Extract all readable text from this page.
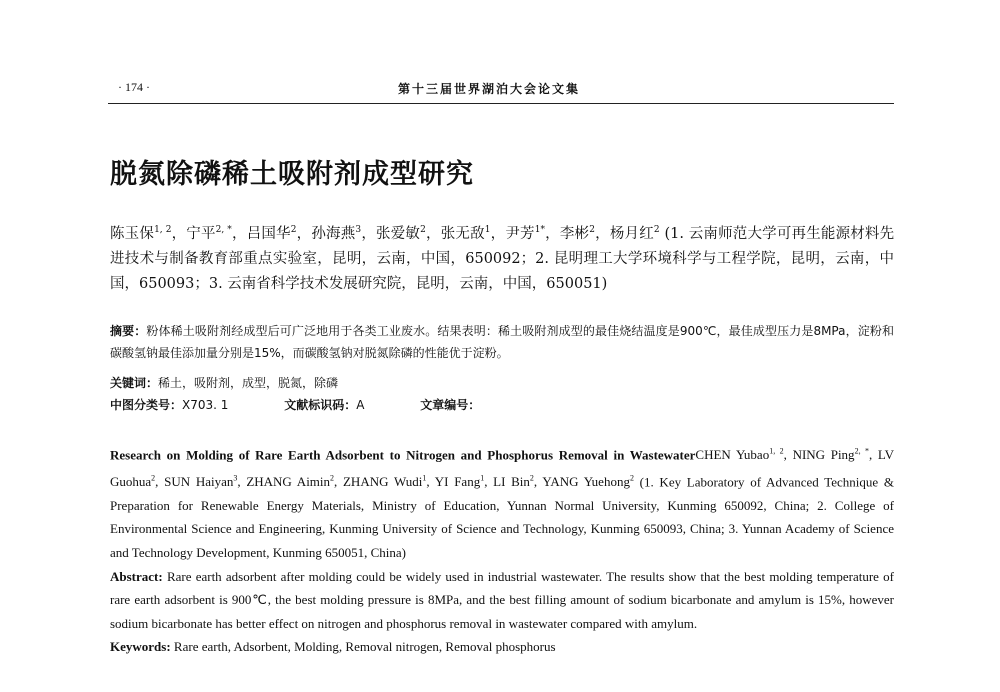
· 174 ·	第十三届世界湖泊大会论文集
脱氮除磷稀土吸附剂成型研究
陈玉保$^{1, 2}$，宁平$^{2, *}$，吕国华$^2$，孙海燕$^3$，张爱敏$^2$，张无敌$^1$，尹芳$^{1*}$，李彬$^2$，杨月红$^2$ (1. 云南师范大学可再生能源材料先进技术与制备教育部重点实验室，昆明，云南，中国，650092；2. 昆明理工大学环境科学与工程学院，昆明，云南，中国，650093；3. 云南省科学技术发展研究院，昆明，云南，中国，650051)
摘要：粉体稀土吸附剂经成型后可广泛地用于各类工业废水。结果表明：稀土吸附剂成型的最佳烧结温度是900℃，最佳成型压力是8MPa，淀粉和碳酸氢钠最佳添加量分别是15%，而碳酸氢钠对脱氮除磷的性能优于淀粉。
关键词：稀土，吸附剂，成型，脱氮，除磷
中图分类号：X703. 1	文献标识码：A	文章编号：
Research on Molding of Rare Earth Adsorbent to Nitrogen and Phosphorus Removal in WastewaterCHEN Yubao$^{1, 2}$, NING Ping$^{2, *}$, LV Guohua$^2$, SUN Haiyan$^3$, ZHANG Aimin$^2$, ZHANG Wudi$^1$, YI Fang$^1$, LI Bin$^2$, YANG Yuehong$^2$ (1. Key Laboratory of Advanced Technique & Preparation for Renewable Energy Materials, Ministry of Education, Yunnan Normal University, Kunming 650092, China; 2. College of Environmental Science and Engineering, Kunming University of Science and Technology, Kunming 650093, China; 3. Yunnan Academy of Science and Technology Development, Kunming 650051, China)
Abstract: Rare earth adsorbent after molding could be widely used in industrial wastewater. The results show that the best molding temperature of rare earth adsorbent is 900℃, the best molding pressure is 8MPa, and the best filling amount of sodium bicarbonate and amylum is 15%, however sodium bicarbonate has better effect on nitrogen and phosphorus removal in wastewater compared with amylum.
Keywords: Rare earth, Adsorbent, Molding, Removal nitrogen, Removal phosphorus
